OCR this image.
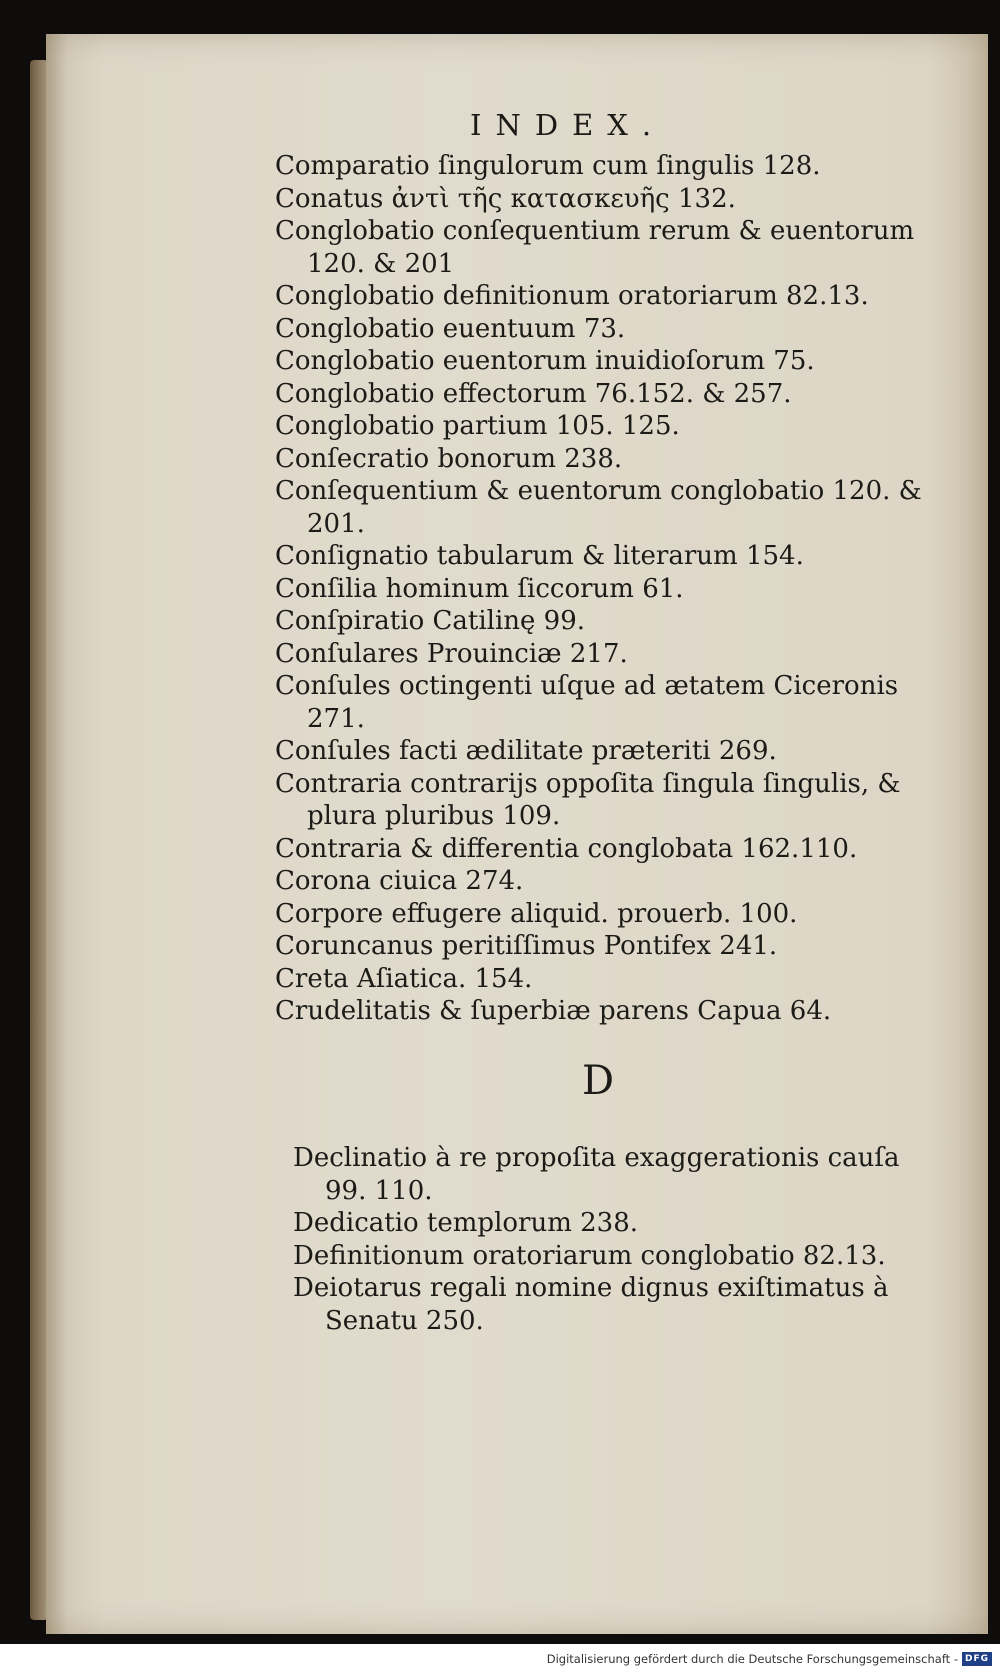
INDEX.

Comparatio ſingulorum cum ſingulis 128.

Conatus ἀντὶ τῆς κατασκευῆς 132.

Conglobatio conſequentium rerum & euentorum 120. & 201

Conglobatio definitionum oratoriarum 82.13.

Conglobatio euentuum 73.

Conglobatio euentorum inuidioſorum 75.

Conglobatio effectorum 76.152. & 257.

Conglobatio partium 105. 125.

Conſecratio bonorum 238.

Conſequentium & euentorum conglobatio 120. & 201.

Conſignatio tabularum & literarum 154.

Conſilia hominum ſiccorum 61.

Conſpiratio Catilinę 99.

Conſulares Prouinciæ 217.

Conſules octingenti uſque ad ætatem Ciceronis 271.

Conſules facti ædilitate præteriti 269.

Contraria contrarijs oppoſita ſingula ſingulis, & plura pluribus 109.

Contraria & differentia conglobata 162.110.

Corona ciuica 274.

Corpore effugere aliquid. prouerb. 100.

Coruncanus peritiſſimus Pontifex 241.

Creta Aſiatica. 154.

Crudelitatis & ſuperbiæ parens Capua 64.

D

Declinatio à re propoſita exaggerationis cauſa 99. 110.

Dedicatio templorum 238.

Definitionum oratoriarum conglobatio 82.13.

Deiotarus regali nomine dignus exiſtimatus à Senatu 250.

Digitalisierung gefördert durch die Deutsche Forschungsgemeinschaft - DFG
